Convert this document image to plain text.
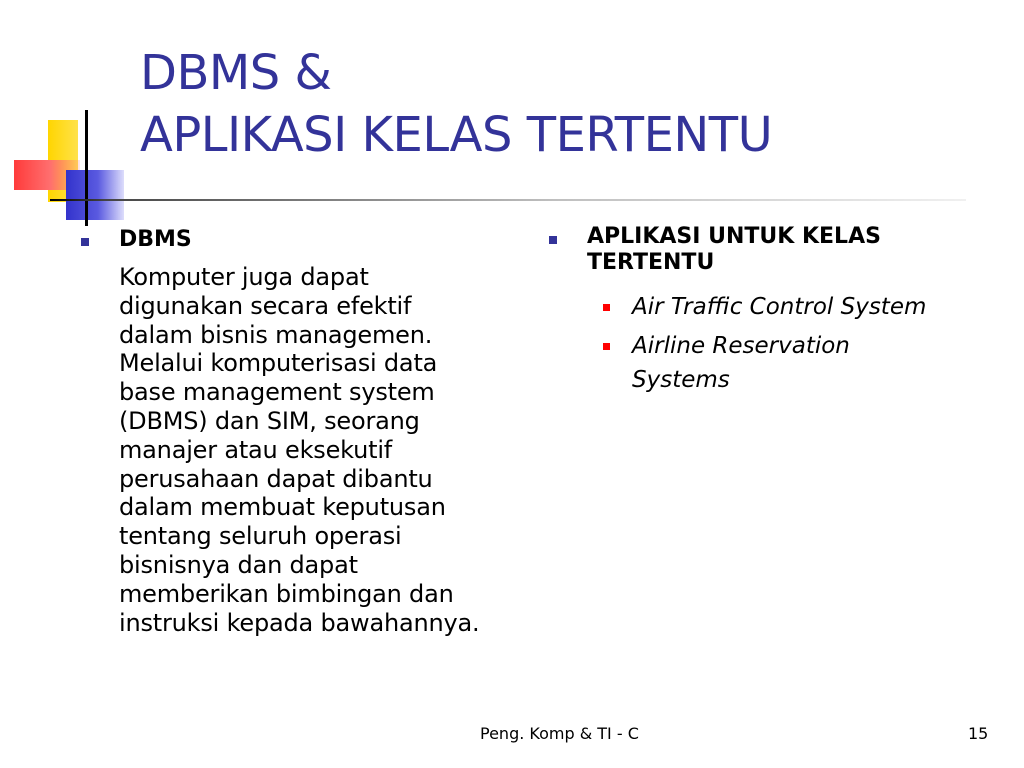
DBMS &
APLIKASI KELAS TERTENTU
DBMS
Komputer juga dapat
digunakan secara efektif
dalam bisnis managemen.
Melalui komputerisasi data
base management system
(DBMS) dan SIM, seorang
manajer atau eksekutif
perusahaan dapat dibantu
dalam membuat keputusan
tentang seluruh operasi
bisnisnya dan dapat
memberikan bimbingan dan
instruksi kepada bawahannya.
APLIKASI UNTUK KELAS
TERTENTU
Air Traffic Control System
Airline Reservation
Systems
Peng. Komp & TI - C	15
